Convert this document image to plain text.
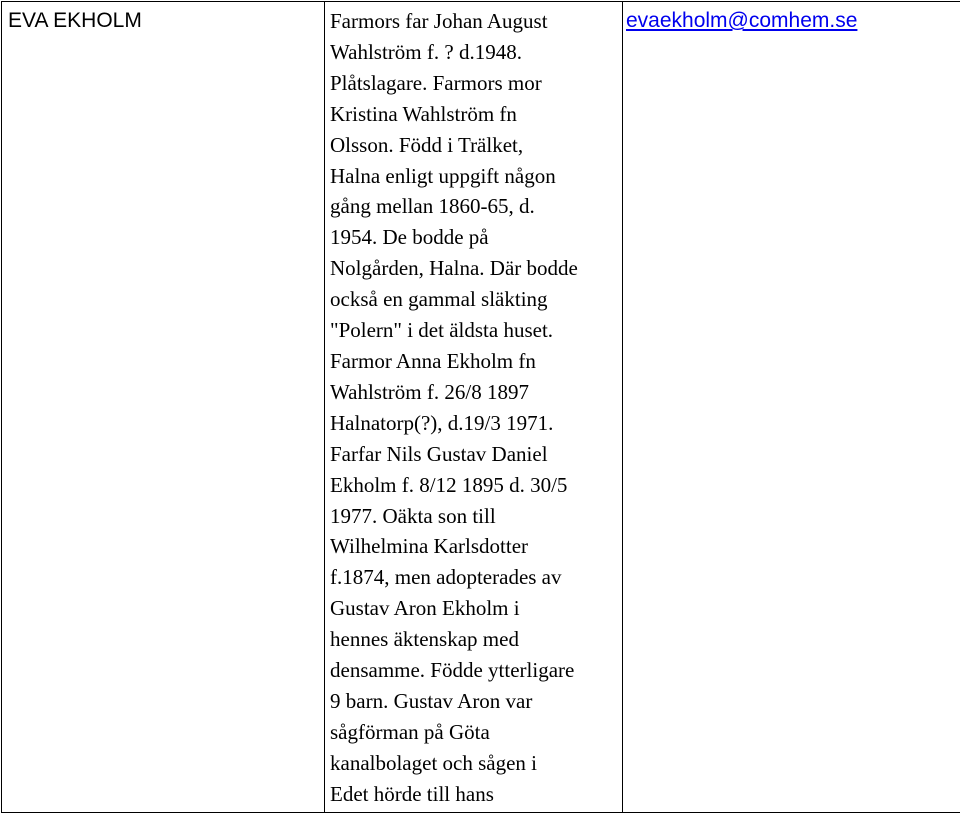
EVA EKHOLM	Farmors far Johan August
Wahlström f. ? d.1948.
Plåtslagare. Farmors mor
Kristina Wahlström fn
Olsson. Född i Trälket,
Halna enligt uppgift någon
gång mellan 1860-65, d.
1954. De bodde på
Nolgården, Halna. Där bodde
också en gammal släkting
"Polern" i det äldsta huset.
Farmor Anna Ekholm fn
Wahlström f. 26/8 1897
Halnatorp(?), d.19/3 1971.
Farfar Nils Gustav Daniel
Ekholm f. 8/12 1895 d. 30/5
1977. Oäkta son till
Wilhelmina Karlsdotter
f.1874, men adopterades av
Gustav Aron Ekholm i
hennes äktenskap med
densamme. Födde ytterligare
9 barn. Gustav Aron var
sågförman på Göta
kanalbolaget och sågen i
Edet hörde till hans
	evaekholm@comhem.se
